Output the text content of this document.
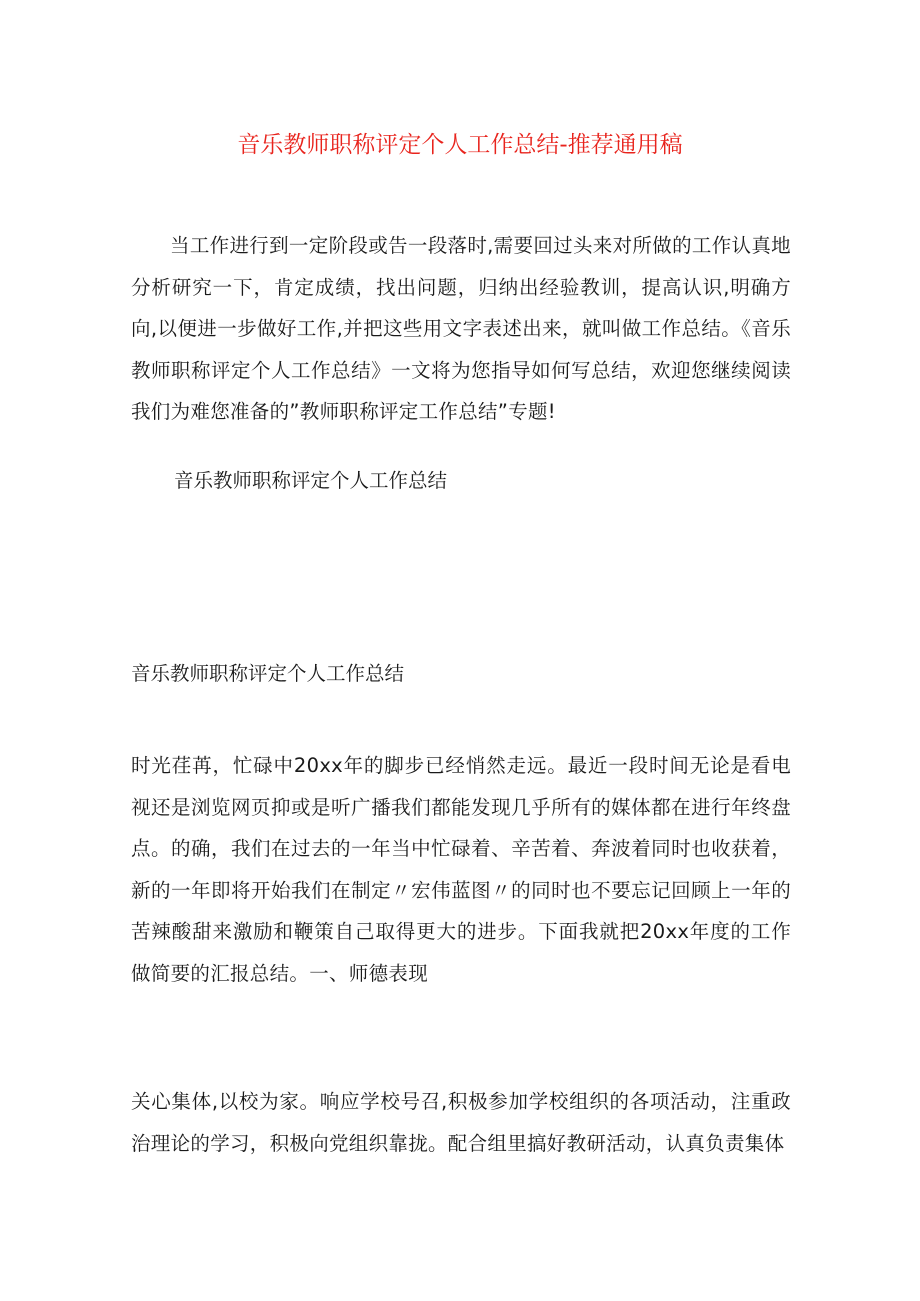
音乐教师职称评定个人工作总结-推荐通用稿

当工作进行到一定阶段或告一段落时,需要回过头来对所做的工作认真地分析研究一下，肯定成绩，找出问题，归纳出经验教训，提高认识,明确方向,以便进一步做好工作,并把这些用文字表述出来，就叫做工作总结。《音乐教师职称评定个人工作总结》一文将为您指导如何写总结，欢迎您继续阅读我们为难您准备的”教师职称评定工作总结”专题!

音乐教师职称评定个人工作总结

音乐教师职称评定个人工作总结

时光荏苒，忙碌中20xx年的脚步已经悄然走远。最近一段时间无论是看电视还是浏览网页抑或是听广播我们都能发现几乎所有的媒体都在进行年终盘点。的确，我们在过去的一年当中忙碌着、辛苦着、奔波着同时也收获着，新的一年即将开始我们在制定〃宏伟蓝图〃的同时也不要忘记回顾上一年的苦辣酸甜来激励和鞭策自己取得更大的进步。下面我就把20xx年度的工作做简要的汇报总结。一、师德表现

关心集体,以校为家。响应学校号召,积极参加学校组织的各项活动，注重政治理论的学习，积极向党组织靠拢。配合组里搞好教研活动，认真负责集体
